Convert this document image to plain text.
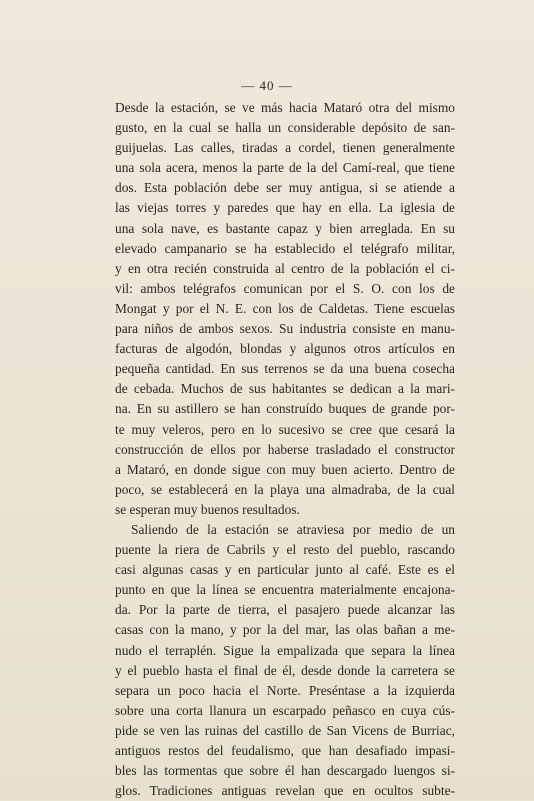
— 40 —
Desde la estación, se ve más hacia Mataró otra del mismo
gusto, en la cual se halla un considerable depósito de san-
guijuelas. Las calles, tiradas a cordel, tienen generalmente
una sola acera, menos la parte de la del Camí-real, que tiene
dos. Esta población debe ser muy antigua, si se atiende a
las viejas torres y paredes que hay en ella. La iglesia de
una sola nave, es bastante capaz y bien arreglada. En su
elevado campanario se ha establecido el telégrafo militar,
y en otra recién construida al centro de la población el ci-
vil: ambos telégrafos comunican por el S. O. con los de
Mongat y por el N. E. con los de Caldetas. Tiene escuelas
para niños de ambos sexos. Su industria consiste en manu-
facturas de algodón, blondas y algunos otros artículos en
pequeña cantidad. En sus terrenos se da una buena cosecha
de cebada. Muchos de sus habitantes se dedican a la mari-
na. En su astillero se han construído buques de grande por-
te muy veleros, pero en lo sucesivo se cree que cesará la
construcción de ellos por haberse trasladado el constructor
a Mataró, en donde sigue con muy buen acierto. Dentro de
poco, se establecerá en la playa una almadraba, de la cual
se esperan muy buenos resultados.
Saliendo de la estación se atraviesa por medio de un
puente la riera de Cabrils y el resto del pueblo, rascando
casi algunas casas y en particular junto al café. Este es el
punto en que la línea se encuentra materialmente encajona-
da. Por la parte de tierra, el pasajero puede alcanzar las
casas con la mano, y por la del mar, las olas bañan a me-
nudo el terraplén. Sigue la empalizada que separa la línea
y el pueblo hasta el final de él, desde donde la carretera se
separa un poco hacia el Norte. Preséntase a la izquierda
sobre una corta llanura un escarpado peñasco en cuya cús-
pide se ven las ruinas del castillo de San Vicens de Burriac,
antiguos restos del feudalismo, que han desafiado impasi-
bles las tormentas que sobre él han descargado luengos si-
glos. Tradiciones antiguas revelan que en ocultos subte-
